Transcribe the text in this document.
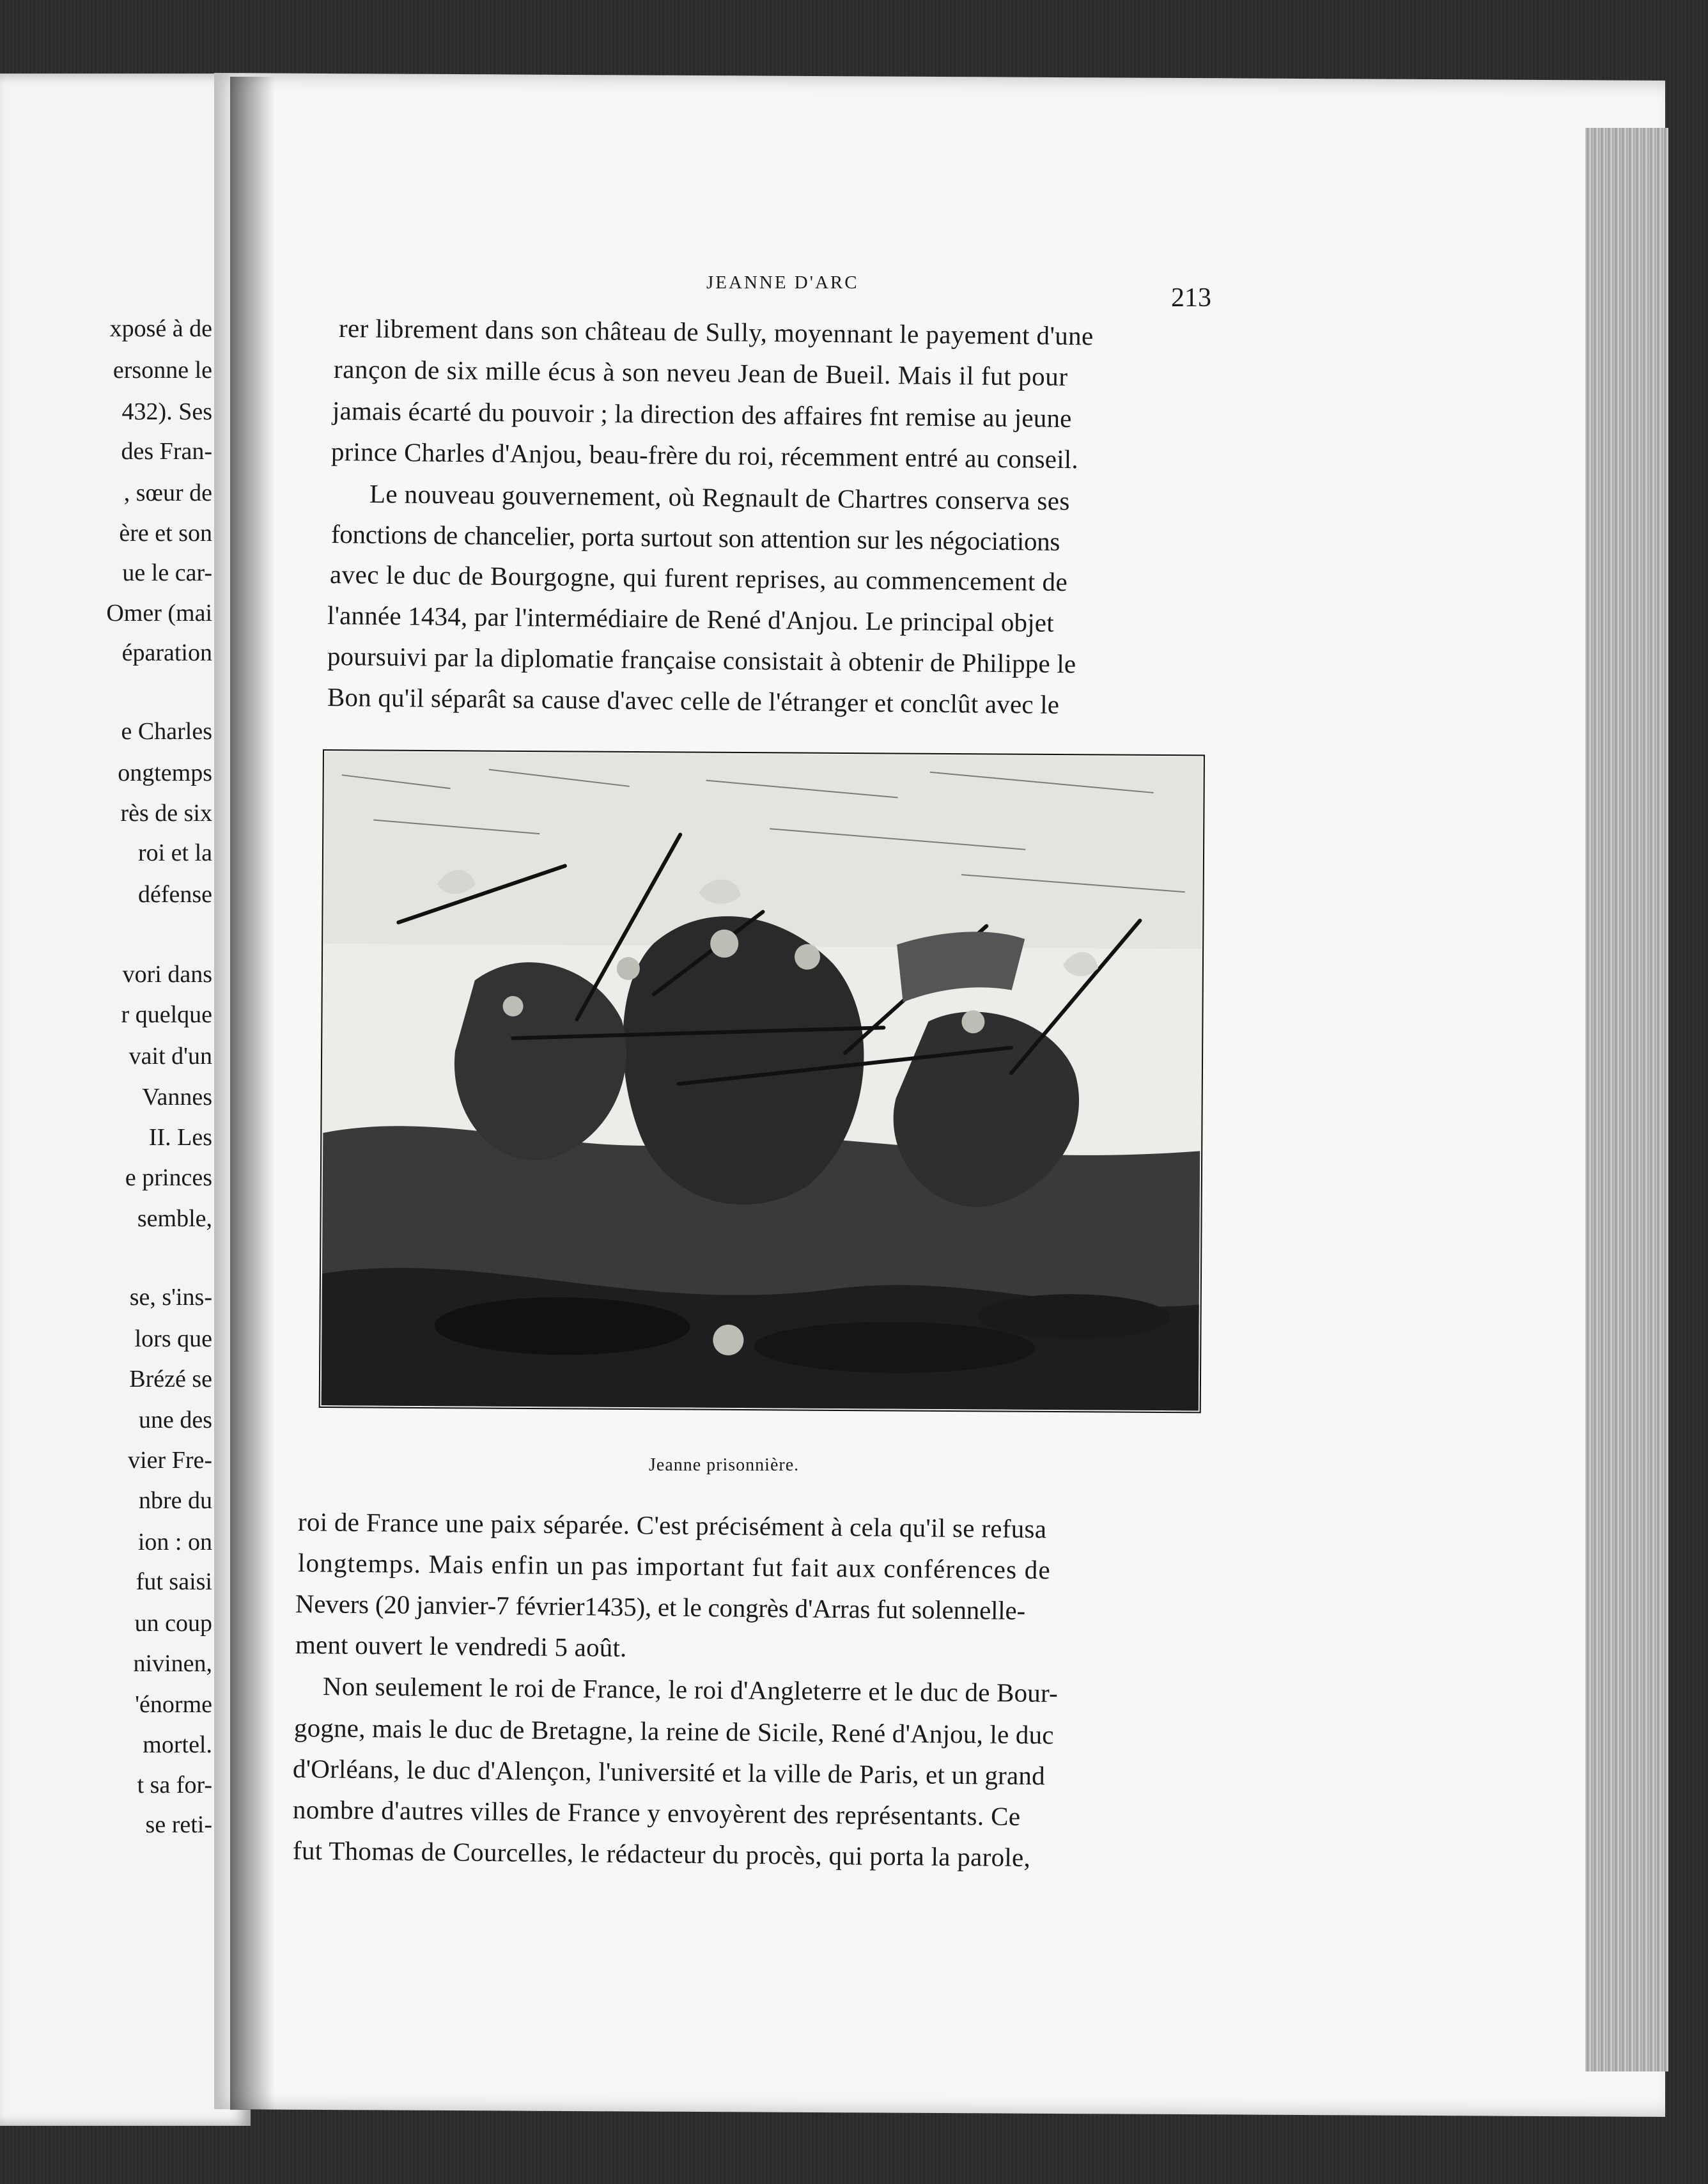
xposé à de
ersonne le
432). Ses
des Fran-
, sœur de
ère et son
ue le car-
Omer (mai
éparation
e Charles
ongtemps
rès de six
roi et la
défense
vori dans
r quelque
vait d'un
Vannes
II. Les
e princes
semble,
se, s'ins-
lors que
Brézé se
une des
vier Fre-
nbre du
ion : on
fut saisi
un coup
nivinen,
'énorme
mortel.
t sa for-
se reti-
JEANNE D'ARC
213
rer librement dans son château de Sully, moyennant le payement d'une
rançon de six mille écus à son neveu Jean de Bueil. Mais il fut pour
jamais écarté du pouvoir ; la direction des affaires fnt remise au jeune
prince Charles d'Anjou, beau-frère du roi, récemment entré au conseil.
Le nouveau gouvernement, où Regnault de Chartres conserva ses
fonctions de chancelier, porta surtout son attention sur les négociations
avec le duc de Bourgogne, qui furent reprises, au commencement de
l'année 1434, par l'intermédiaire de René d'Anjou. Le principal objet
poursuivi par la diplomatie française consistait à obtenir de Philippe le
Bon qu'il séparât sa cause d'avec celle de l'étranger et conclût avec le
Jeanne prisonnière.
roi de France une paix séparée. C'est précisément à cela qu'il se refusa
longtemps. Mais enfin un pas important fut fait aux conférences de
Nevers (20 janvier-7 février1435), et le congrès d'Arras fut solennelle-
ment ouvert le vendredi 5 août.
Non seulement le roi de France, le roi d'Angleterre et le duc de Bour-
gogne, mais le duc de Bretagne, la reine de Sicile, René d'Anjou, le duc
d'Orléans, le duc d'Alençon, l'université et la ville de Paris, et un grand
nombre d'autres villes de France y envoyèrent des représentants. Ce
fut Thomas de Courcelles, le rédacteur du procès, qui porta la parole,
